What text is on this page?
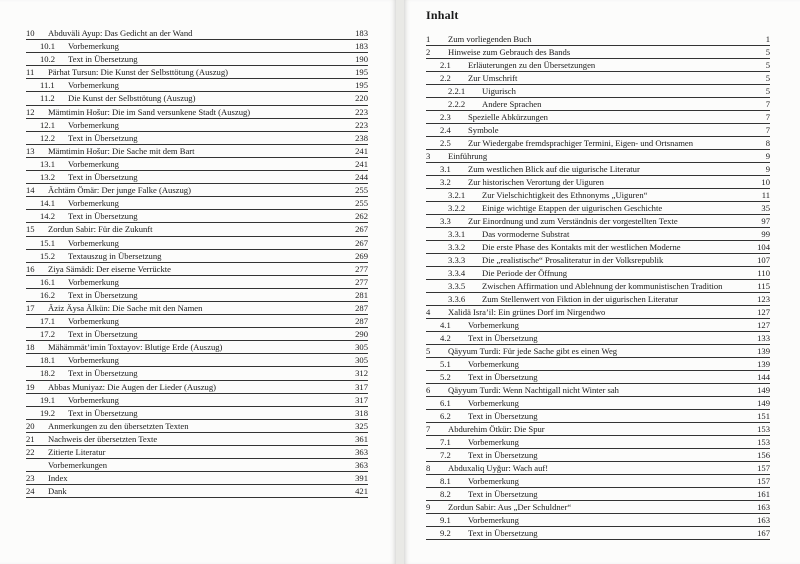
10 Abduväli Ayup: Das Gedicht an der Wand	183
10.1 Vorbemerkung	183
10.2 Text in Übersetzung	190
11 Pärhat Tursun: Die Kunst der Selbsttötung (Auszug)	195
11.1 Vorbemerkung	195
11.2 Die Kunst der Selbsttötung (Auszug)	220
12 Mämtimin Hošur: Die im Sand versunkene Stadt (Auszug)	223
12.1 Vorbemerkung	223
12.2 Text in Übersetzung	238
13 Mämtimin Hošur: Die Sache mit dem Bart	241
13.1 Vorbemerkung	241
13.2 Text in Übersetzung	244
14 Ächtäm Ömär: Der junge Falke (Auszug)	255
14.1 Vorbemerkung	255
14.2 Text in Übersetzung	262
15 Zordun Sabir: Für die Zukunft	267
15.1 Vorbemerkung	267
15.2 Textauszug in Übersetzung	269
16 Ziya Sämädi: Der eiserne Verrückte	277
16.1 Vorbemerkung	277
16.2 Text in Übersetzung	281
17 Äziz Äysa Älkün: Die Sache mit den Namen	287
17.1 Vorbemerkung	287
17.2 Text in Übersetzung	290
18 Mähämmät’imin Toxtayov: Blutige Erde (Auszug)	305
18.1 Vorbemerkung	305
18.2 Text in Übersetzung	312
19 Abbas Muniyaz: Die Augen der Lieder (Auszug)	317
19.1 Vorbemerkung	317
19.2 Text in Übersetzung	318
20 Anmerkungen zu den übersetzten Texten	325
21 Nachweis der übersetzten Texte	361
22 Zitierte Literatur	363
Vorbemerkungen	363
23 Index	391
24 Dank	421
Inhalt
1 Zum vorliegenden Buch	1
2 Hinweise zum Gebrauch des Bands	5
2.1 Erläuterungen zu den Übersetzungen	5
2.2 Zur Umschrift	5
2.2.1 Uigurisch	5
2.2.2 Andere Sprachen	7
2.3 Spezielle Abkürzungen	7
2.4 Symbole	7
2.5 Zur Wiedergabe fremdsprachiger Termini, Eigen- und Ortsnamen	8
3 Einführung	9
3.1 Zum westlichen Blick auf die uigurische Literatur	9
3.2 Zur historischen Verortung der Uiguren	10
3.2.1 Zur Vielschichtigkeit des Ethnonyms „Uiguren“	11
3.2.2 Einige wichtige Etappen der uigurischen Geschichte	35
3.3 Zur Einordnung und zum Verständnis der vorgestellten Texte	97
3.3.1 Das vormoderne Substrat	99
3.3.2 Die erste Phase des Kontakts mit der westlichen Moderne	104
3.3.3 Die „realistische“ Prosaliteratur in der Volksrepublik	107
3.3.4 Die Periode der Öffnung	110
3.3.5 Zwischen Affirmation und Ablehnung der kommunistischen Tradition	115
3.3.6 Zum Stellenwert von Fiktion in der uigurischen Literatur	123
4 Xalidä Isra’il: Ein grünes Dorf im Nirgendwo	127
4.1 Vorbemerkung	127
4.2 Text in Übersetzung	133
5 Qäyyum Turdi: Für jede Sache gibt es einen Weg	139
5.1 Vorbemerkung	139
5.2 Text in Übersetzung	144
6 Qäyyum Turdi: Wenn Nachtigall nicht Winter sah	149
6.1 Vorbemerkung	149
6.2 Text in Übersetzung	151
7 Abdurehim Ötkür: Die Spur	153
7.1 Vorbemerkung	153
7.2 Text in Übersetzung	156
8 Abduxaliq Uyğur: Wach auf!	157
8.1 Vorbemerkung	157
8.2 Text in Übersetzung	161
9 Zordun Sabir: Aus „Der Schuldner“	163
9.1 Vorbemerkung	163
9.2 Text in Übersetzung	167
